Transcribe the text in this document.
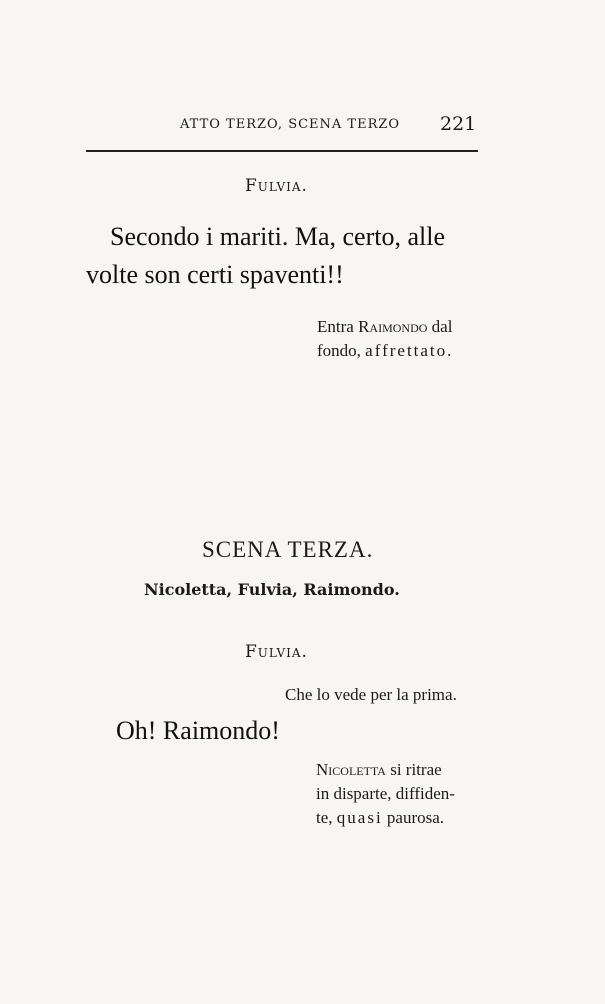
ATTO TERZO, SCENA TERZO 221
Fulvia.
Secondo i mariti. Ma, certo, alle
volte son certi spaventi!!
Entra Raimondo dal
fondo, affrettato.
SCENA TERZA.
Nicoletta, Fulvia, Raimondo.
Fulvia.
Che lo vede per la prima.
Oh! Raimondo!
Nicoletta si ritrae
in disparte, diffiden-
te, quasi paurosa.
